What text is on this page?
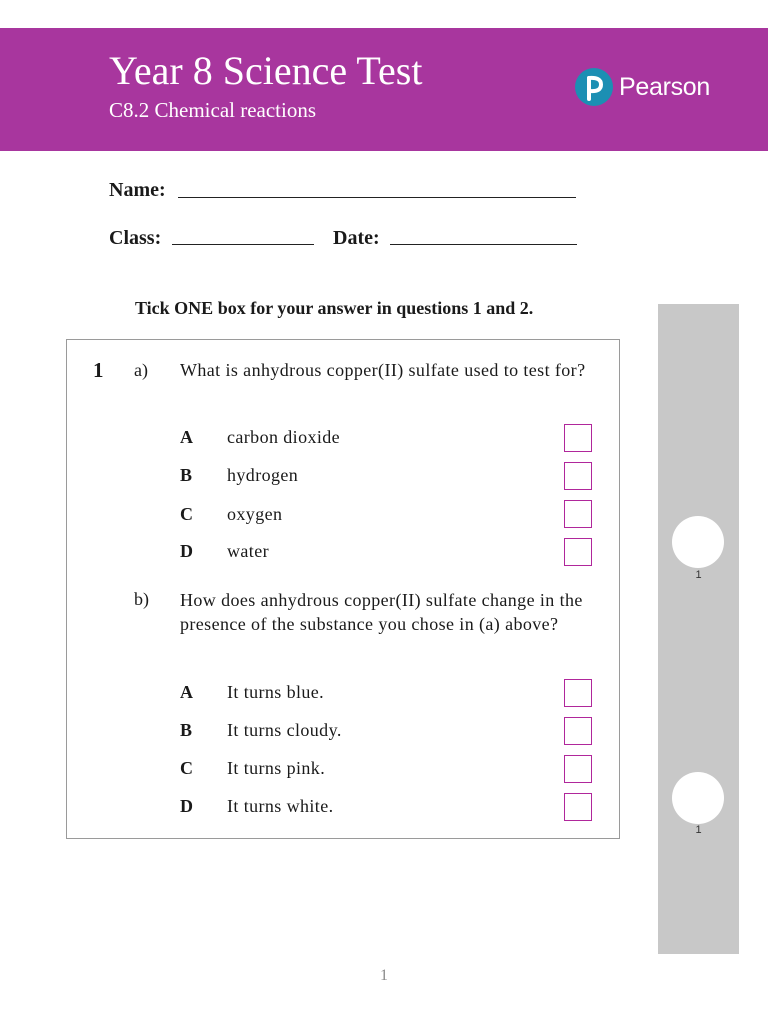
Year 8 Science Test
C8.2 Chemical reactions
Pearson
Name:
Class:	Date:
Tick ONE box for your answer in questions 1 and 2.
1
1
1 a) What is anhydrous copper(II) sulfate used to test for?
A carbon dioxide
B hydrogen
C oxygen
D water
b) How does anhydrous copper(II) sulfate change in the presence of the substance you chose in (a) above?
A It turns blue.
B It turns cloudy.
C It turns pink.
D It turns white.
1
